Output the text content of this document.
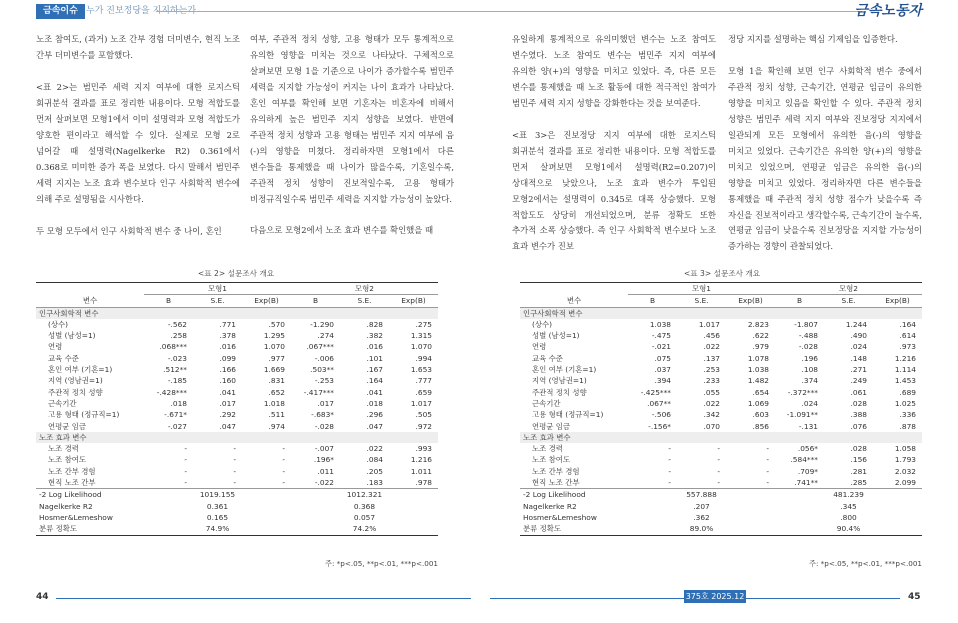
금속이슈 누가 진보정당을 지지하는가	금속노동자

노조 참여도, (과거) 노조 간부 경험 더미변수, 현직 노조 간부 더미변수를 포함했다.

<표 2>는 범민주 세력 지지 여부에 대한 로지스틱 회귀분석 결과를 표로 정리한 내용이다. 모형 적합도를 먼저 살펴보면 모형1에서 이미 설명력과 모형 적합도가 양호한 편이라고 해석할 수 있다. 실제로 모형 2로 넘어갈 때 설명력(Nagelkerke R2) 0.361에서 0.368로 미미한 증가 폭을 보였다. 다시 말해서 범민주 세력 지지는 노조 효과 변수보다 인구 사회학적 변수에 의해 주로 설명됨을 시사한다.

두 모형 모두에서 인구 사회학적 변수 중 나이, 혼인

여부, 주관적 정치 성향, 고용 형태가 모두 통계적으로 유의한 영향을 미치는 것으로 나타났다. 구체적으로 살펴보면 모형 1을 기준으로 나이가 증가할수록 범민주 세력을 지지할 가능성이 커지는 나이 효과가 나타났다. 혼인 여부를 확인해 보면 기혼자는 비혼자에 비해서 유의하게 높은 범민주 지지 성향을 보였다. 반면에 주관적 정치 성향과 고용 형태는 범민주 지지 여부에 음(-)의 영향을 미쳤다. 정리하자면 모형1에서 다른 변수들을 통제했을 때 나이가 많을수록, 기혼일수록, 주관적 정치 성향이 진보적일수록, 고용 형태가 비정규직일수록 범민주 세력을 지지할 가능성이 높았다.

다음으로 모형2에서 노조 효과 변수를 확인했을 때

유일하게 통계적으로 유의미했던 변수는 노조 참여도 변수였다. 노조 참여도 변수는 범민주 지지 여부에 유의한 양(+)의 영향을 미치고 있었다. 즉, 다른 모든 변수를 통제했을 때 노조 활동에 대한 적극적인 참여가 범민주 세력 지지 성향을 강화한다는 것을 보여준다.

<표 3>은 진보정당 지지 여부에 대한 로지스틱 회귀분석 결과를 표로 정리한 내용이다. 모형 적합도를 먼저 살펴보면 모형1에서 설명력(R2=0.207)이 상대적으로 낮았으나, 노조 효과 변수가 투입된 모형2에서는 설명력이 0.345로 대폭 상승했다. 모형 적합도도 상당히 개선되었으며, 분류 정확도 또한 추가적 소폭 상승했다. 즉 인구 사회학적 변수보다 노조 효과 변수가 진보

정당 지지를 설명하는 핵심 기제임을 입증한다.

모형 1을 확인해 보면 인구 사회학적 변수 중에서 주관적 정치 성향, 근속기간, 연평균 임금이 유의한 영향을 미치고 있음을 확인할 수 있다. 주관적 정치 성향은 범민주 세력 지지 여부와 진보정당 지지에서 일관되게 모든 모형에서 유의한 음(-)의 영향을 미치고 있었다. 근속기간은 유의한 양(+)의 영향을 미치고 있었으며, 연평균 임금은 유의한 음(-)의 영향을 미치고 있었다. 정리하자면 다른 변수들을 통제했을 때 주관적 정치 성향 점수가 낮을수록 즉 자신을 진보적이라고 생각할수록, 근속기간이 늘수록, 연평균 임금이 낮을수록 진보정당을 지지할 가능성이 증가하는 경향이 관찰되었다.

<표 2> 설문조사 개요	<표 3> 설문조사 개요
	모형1			모형2		
변수	B	S.E.	Exp(B)	B	S.E.	Exp(B)
인구사회학적 변수						
(상수)	-.562	.771	.570	-1.290	.828	.275
성별 (남성=1)	.258	.378	1.295	.274	.382	1.315
연령	.068***	.016	1.070	.067***	.016	1.070
교육 수준	-.023	.099	.977	-.006	.101	.994
혼인 여부 (기혼=1)	.512**	.166	1.669	.503**	.167	1.653
지역 (영남권=1)	-.185	.160	.831	-.253	.164	.777
주관적 정치 성향	-.428***	.041	.652	-.417***	.041	.659
근속기간	.018	.017	1.018	.017	.018	1.017
고용 형태 (정규직=1)	-.671*	.292	.511	-.683*	.296	.505
연평균 임금	-.027	.047	.974	-.028	.047	.972
노조 효과 변수						
노조 경력	-	-	-	-.007	.022	.993
노조 참여도	-	-	-	.196*	.084	1.216
노조 간부 경험	-	-	-	.011	.205	1.011
현직 노조 간부	-	-	-	-.022	.183	.978
-2 Log Likelihood	1019.155			1012.321		
Nagelkerke R2	0.361			0.368		
Hosmer&Lemeshow	0.165			0.057		
분류 정확도	74.9%			74.2%		
주: *p<.05, **p<.01, ***p<.001
	모형1			모형2		
변수	B	S.E.	Exp(B)	B	S.E.	Exp(B)
인구사회학적 변수						
(상수)	1.038	1.017	2.823	-1.807	1.244	.164
성별 (남성=1)	-.475	.456	.622	-.488	.490	.614
연령	-.021	.022	.979	-.028	.024	.973
교육 수준	.075	.137	1.078	.196	.148	1.216
혼인 여부 (기혼=1)	.037	.253	1.038	.108	.271	1.114
지역 (영남권=1)	.394	.233	1.482	.374	.249	1.453
주관적 정치 성향	-.425***	.055	.654	-.372***	.061	.689
근속기간	.067**	.022	1.069	.024	.028	1.025
고용 형태 (정규직=1)	-.506	.342	.603	-1.091**	.388	.336
연평균 임금	-.156*	.070	.856	-.131	.076	.878
노조 효과 변수						
노조 경력	-	-	-	.056*	.028	1.058
노조 참여도	-	-	-	.584***	.156	1.793
노조 간부 경험	-	-	-	.709*	.281	2.032
현직 노조 간부	-	-	-	.741**	.285	2.099
-2 Log Likelihood	557.888			481.239		
Nagelkerke R2	.207			.345		
Hosmer&Lemeshow	.362			.800		
분류 정확도	89.0%			90.4%		
주: *p<.05, **p<.01, ***p<.001
44	375호 2025.12	45
